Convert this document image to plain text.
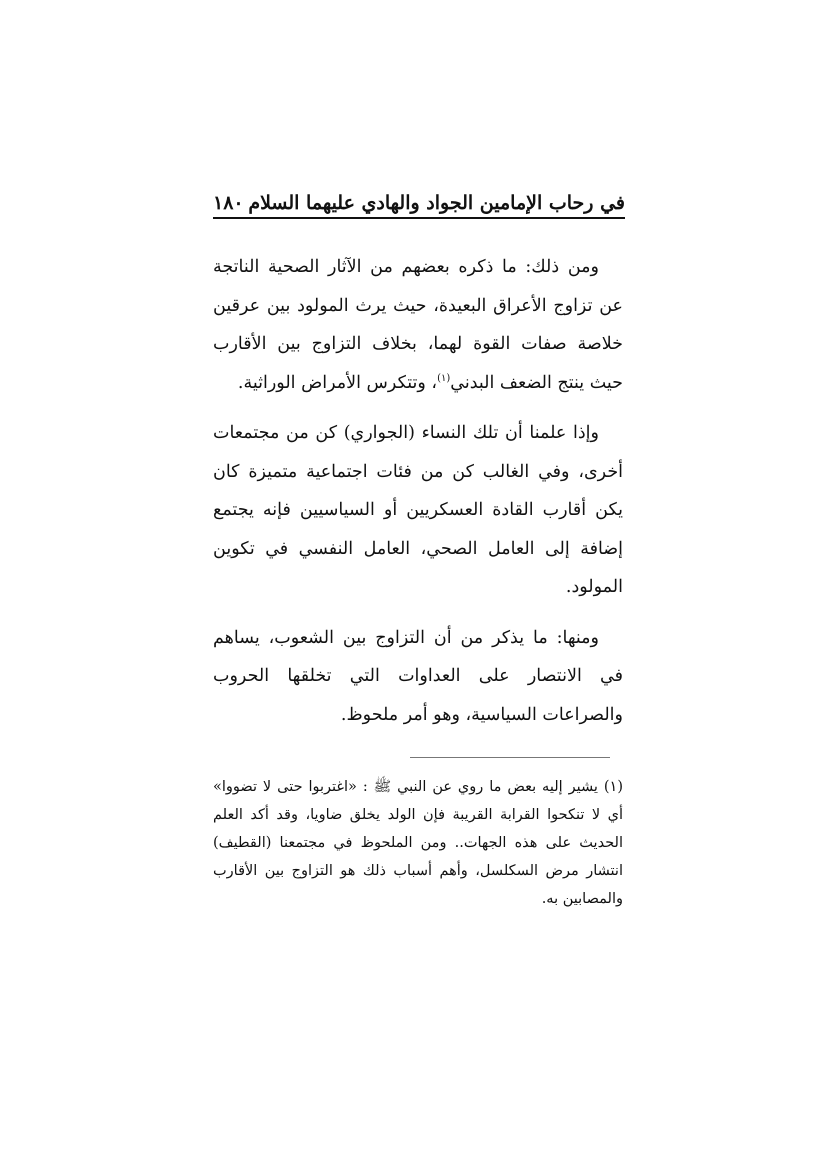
في رحاب الإمامين الجواد والهادي عليهما السلام
١٨٠

ومن ذلك: ما ذكره بعضهم من الآثار الصحية الناتجة عن تزاوج الأعراق البعيدة، حيث يرث المولود بين عرقين خلاصة صفات القوة لهما، بخلاف التزاوج بين الأقارب حيث ينتج الضعف البدني$^{(١)}$، وتتكرس الأمراض الوراثية.

وإذا علمنا أن تلك النساء (الجواري) كن من مجتمعات أخرى، وفي الغالب كن من فئات اجتماعية متميزة كان يكن أقارب القادة العسكريين أو السياسيين فإنه يجتمع إضافة إلى العامل الصحي، العامل النفسي في تكوين المولود.

ومنها: ما يذكر من أن التزاوج بين الشعوب، يساهم في الانتصار على العداوات التي تخلقها الحروب والصراعات السياسية، وهو أمر ملحوظ.

(١) يشير إليه بعض ما روي عن النبي ﷺ : «اغتربوا حتى لا تضووا» أي لا تنكحوا القرابة القريبة فإن الولد يخلق ضاويا، وقد أكد العلم الحديث على هذه الجهات.. ومن الملحوظ في مجتمعنا (القطيف) انتشار مرض السكلسل، وأهم أسباب ذلك هو التزاوج بين الأقارب والمصابين به.
